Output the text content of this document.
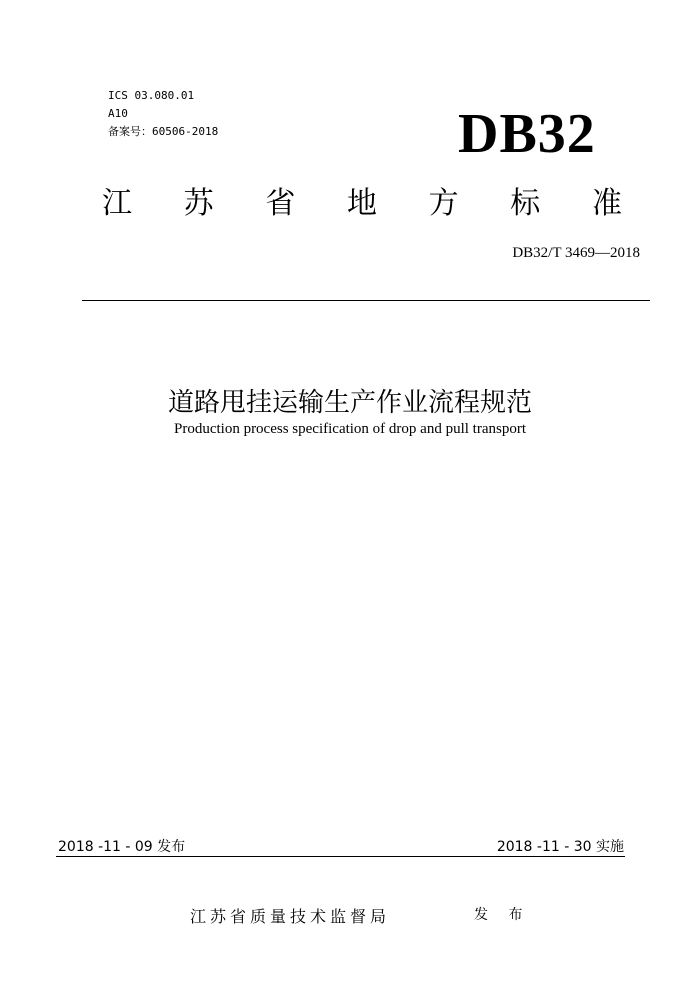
ICS 03.080.01
A10
备案号：60506-2018	DB32
江 苏 省 地 方 标 准
DB32/T 3469—2018
道路甩挂运输生产作业流程规范
Production process specification of drop and pull transport
2018 -11 - 09 发布	2018 -11 - 30 实施
江苏省质量技术监督局	发 布
